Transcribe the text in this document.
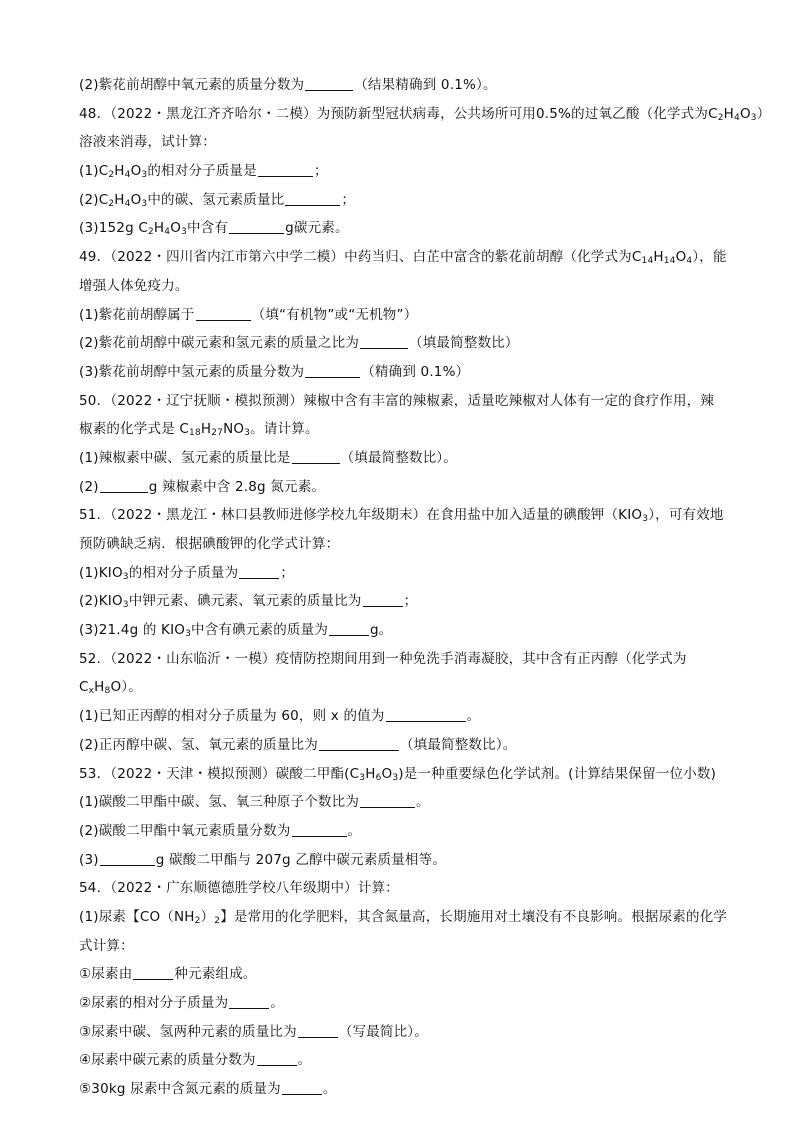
(2)紫花前胡醇中氧元素的质量分数为	（结果精确到 0.1%）。
48．（2022・黑龙江齐齐哈尔・二模）为预防新型冠状病毒，公共场所可用0.5%的过氧乙酸（化学式为$C_2H_4O_3$）
溶液来消毒，试计算：
$(1)C_2H_4O_3$的相对分子质量是	；
$(2)C_2H_4O_3$中的碳、氢元素质量比	；
(3)152g $C_2H_4O_3$中含有	g碳元素。
49．（2022・四川省内江市第六中学二模）中药当归、白芷中富含的紫花前胡醇（化学式为$C_{14}H_{14}O_4$），能
增强人体免疫力。
(1)紫花前胡醇属于	（填“有机物”或“无机物”）
(2)紫花前胡醇中碳元素和氢元素的质量之比为	（填最简整数比）
(3)紫花前胡醇中氢元素的质量分数为	（精确到 0.1%）
50．（2022・辽宁抚顺・模拟预测）辣椒中含有丰富的辣椒素，适量吃辣椒对人体有一定的食疗作用，辣
椒素的化学式是 $C_{18}H_{27}NO_3$。请计算。
(1)辣椒素中碳、氢元素的质量比是	（填最简整数比）。
(2)	g 辣椒素中含 2.8g 氮元素。
51．（2022・黑龙江・林口县教师进修学校九年级期末）在食用盐中加入适量的碘酸钾$(KIO_3)$，可有效地
预防碘缺乏病．根据碘酸钾的化学式计算：
$(1)KIO_3$的相对分子质量为	；
$(2)KIO_3$中钾元素、碘元素、氧元素的质量比为	；
(3)21.4g 的 $KIO_3$中含有碘元素的质量为	g。
52．（2022・山东临沂・一模）疫情防控期间用到一种免洗手消毒凝胶，其中含有正丙醇（化学式为
$C_xH_8O$）。
(1)已知正丙醇的相对分子质量为 60，则 x 的值为	。
(2)正丙醇中碳、氢、氧元素的质量比为	（填最简整数比）。
53．（2022・天津・模拟预测）碳酸二甲酯$(C_3H_6O_3)$是一种重要绿色化学试剂。(计算结果保留一位小数)
(1)碳酸二甲酯中碳、氢、氧三种原子个数比为	。
(2)碳酸二甲酯中氧元素质量分数为	。
(3)	g 碳酸二甲酯与 207g 乙醇中碳元素质量相等。
54．（2022・广东顺德德胜学校八年级期中）计算：
(1)尿素【$CO(NH_2)_2$】是常用的化学肥料，其含氮量高，长期施用对土壤没有不良影响。根据尿素的化学
式计算：
①尿素由	种元素组成。
②尿素的相对分子质量为	。
③尿素中碳、氢两种元素的质量比为	（写最简比）。
④尿素中碳元素的质量分数为	。
⑤30kg 尿素中含氮元素的质量为	。
